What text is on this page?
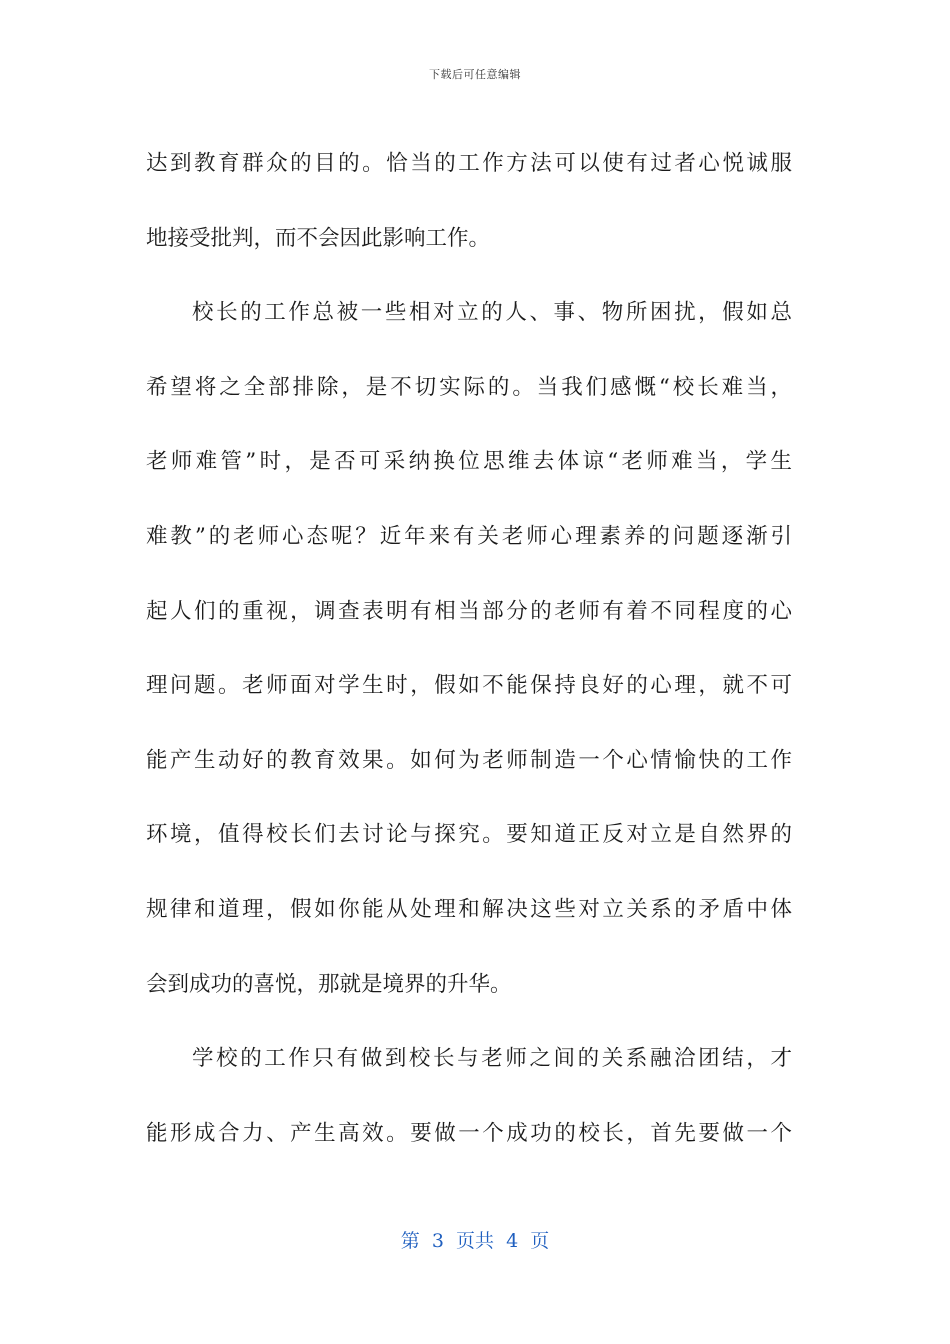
下载后可任意编辑
达到教育群众的目的。恰当的工作方法可以使有过者心悦诚服
地接受批判，而不会因此影响工作。
校长的工作总被一些相对立的人、事、物所困扰，假如总
希望将之全部排除，是不切实际的。当我们感慨“校长难当，
老师难管”时，是否可采纳换位思维去体谅“老师难当，学生
难教”的老师心态呢？近年来有关老师心理素养的问题逐渐引
起人们的重视，调查表明有相当部分的老师有着不同程度的心
理问题。老师面对学生时，假如不能保持良好的心理，就不可
能产生动好的教育效果。如何为老师制造一个心情愉快的工作
环境，值得校长们去讨论与探究。要知道正反对立是自然界的
规律和道理，假如你能从处理和解决这些对立关系的矛盾中体
会到成功的喜悦，那就是境界的升华。
学校的工作只有做到校长与老师之间的关系融洽团结，才
能形成合力、产生高效。要做一个成功的校长，首先要做一个
第  3  页共  4  页
